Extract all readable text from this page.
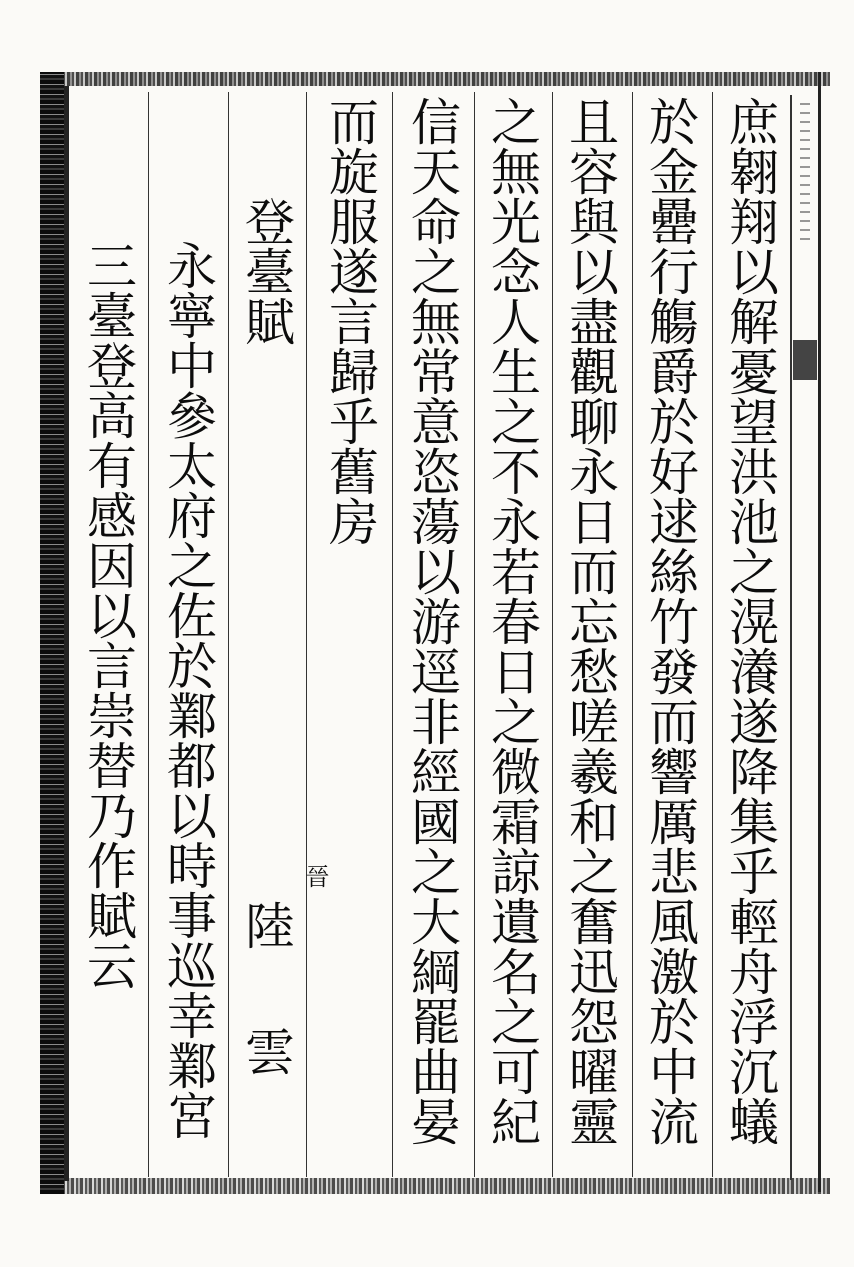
庶翱翔以解憂望洪池之滉瀁遂降集乎輕舟浮沉蟻
於金罍行觴爵於好逑絲竹發而響厲悲風激於中流
且容與以盡觀聊永日而忘愁嗟羲和之奮迅怨曜靈
之無光念人生之不永若春日之微霜諒遺名之可紀
信天命之無常意恣蕩以游逕非經國之大綱罷曲晏
而旋服遂言歸乎舊房
登臺賦
晉
陸
雲
永寧中參太府之佐於鄴都以時事巡幸鄴宮
三臺登高有感因以言崇替乃作賦云
